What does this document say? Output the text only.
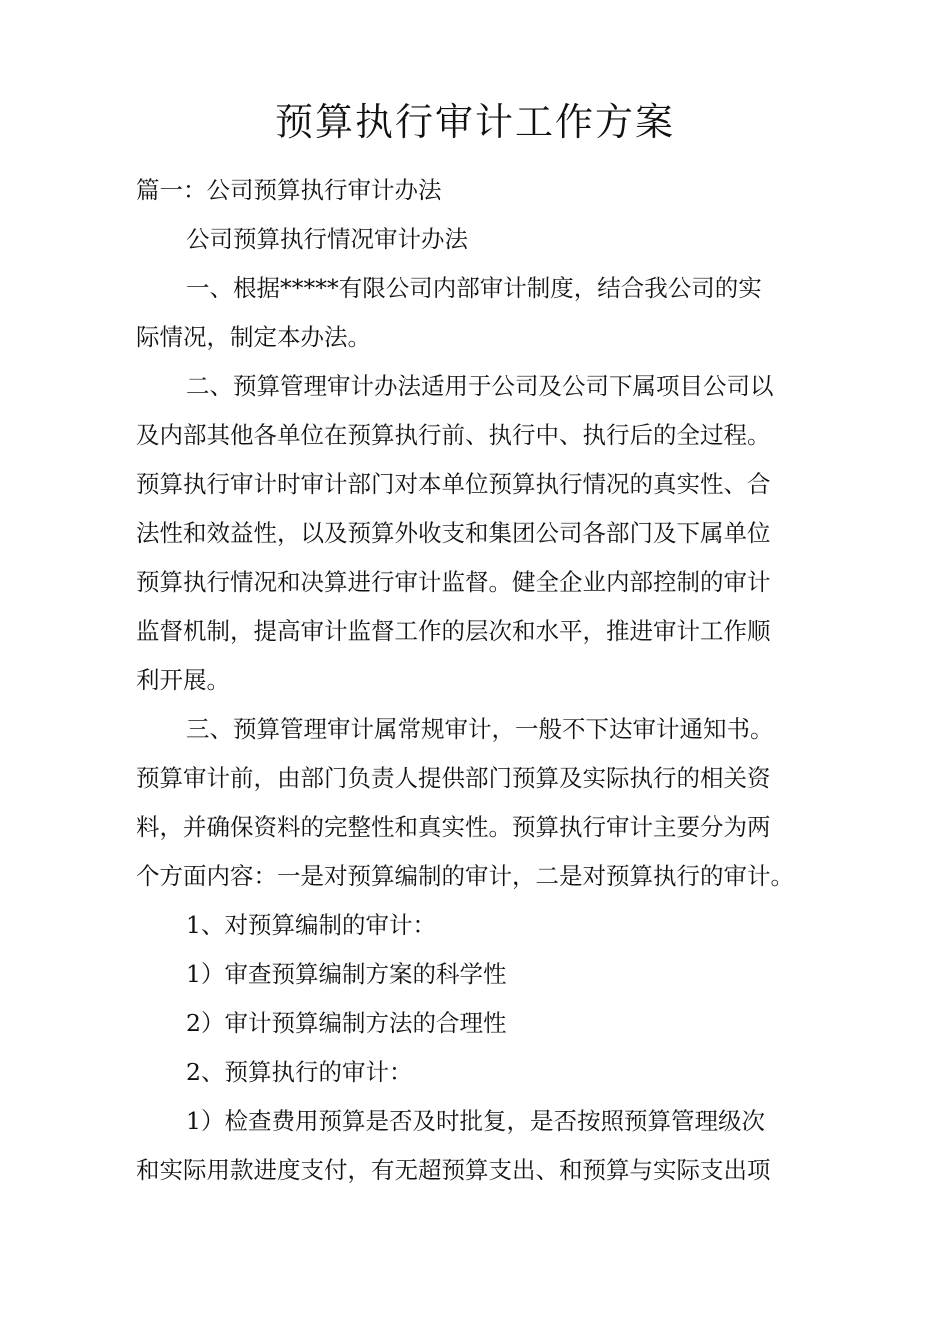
预算执行审计工作方案
篇一：公司预算执行审计办法
公司预算执行情况审计办法
一、根据*****有限公司内部审计制度，结合我公司的实
际情况，制定本办法。
二、预算管理审计办法适用于公司及公司下属项目公司以
及内部其他各单位在预算执行前、执行中、执行后的全过程。
预算执行审计时审计部门对本单位预算执行情况的真实性、合
法性和效益性，以及预算外收支和集团公司各部门及下属单位
预算执行情况和决算进行审计监督。健全企业内部控制的审计
监督机制，提高审计监督工作的层次和水平，推进审计工作顺
利开展。
三、预算管理审计属常规审计，一般不下达审计通知书。
预算审计前，由部门负责人提供部门预算及实际执行的相关资
料，并确保资料的完整性和真实性。预算执行审计主要分为两
个方面内容：一是对预算编制的审计，二是对预算执行的审计。
1、对预算编制的审计：
1）审查预算编制方案的科学性
2）审计预算编制方法的合理性
2、预算执行的审计：
1）检查费用预算是否及时批复，是否按照预算管理级次
和实际用款进度支付，有无超预算支出、和预算与实际支出项
